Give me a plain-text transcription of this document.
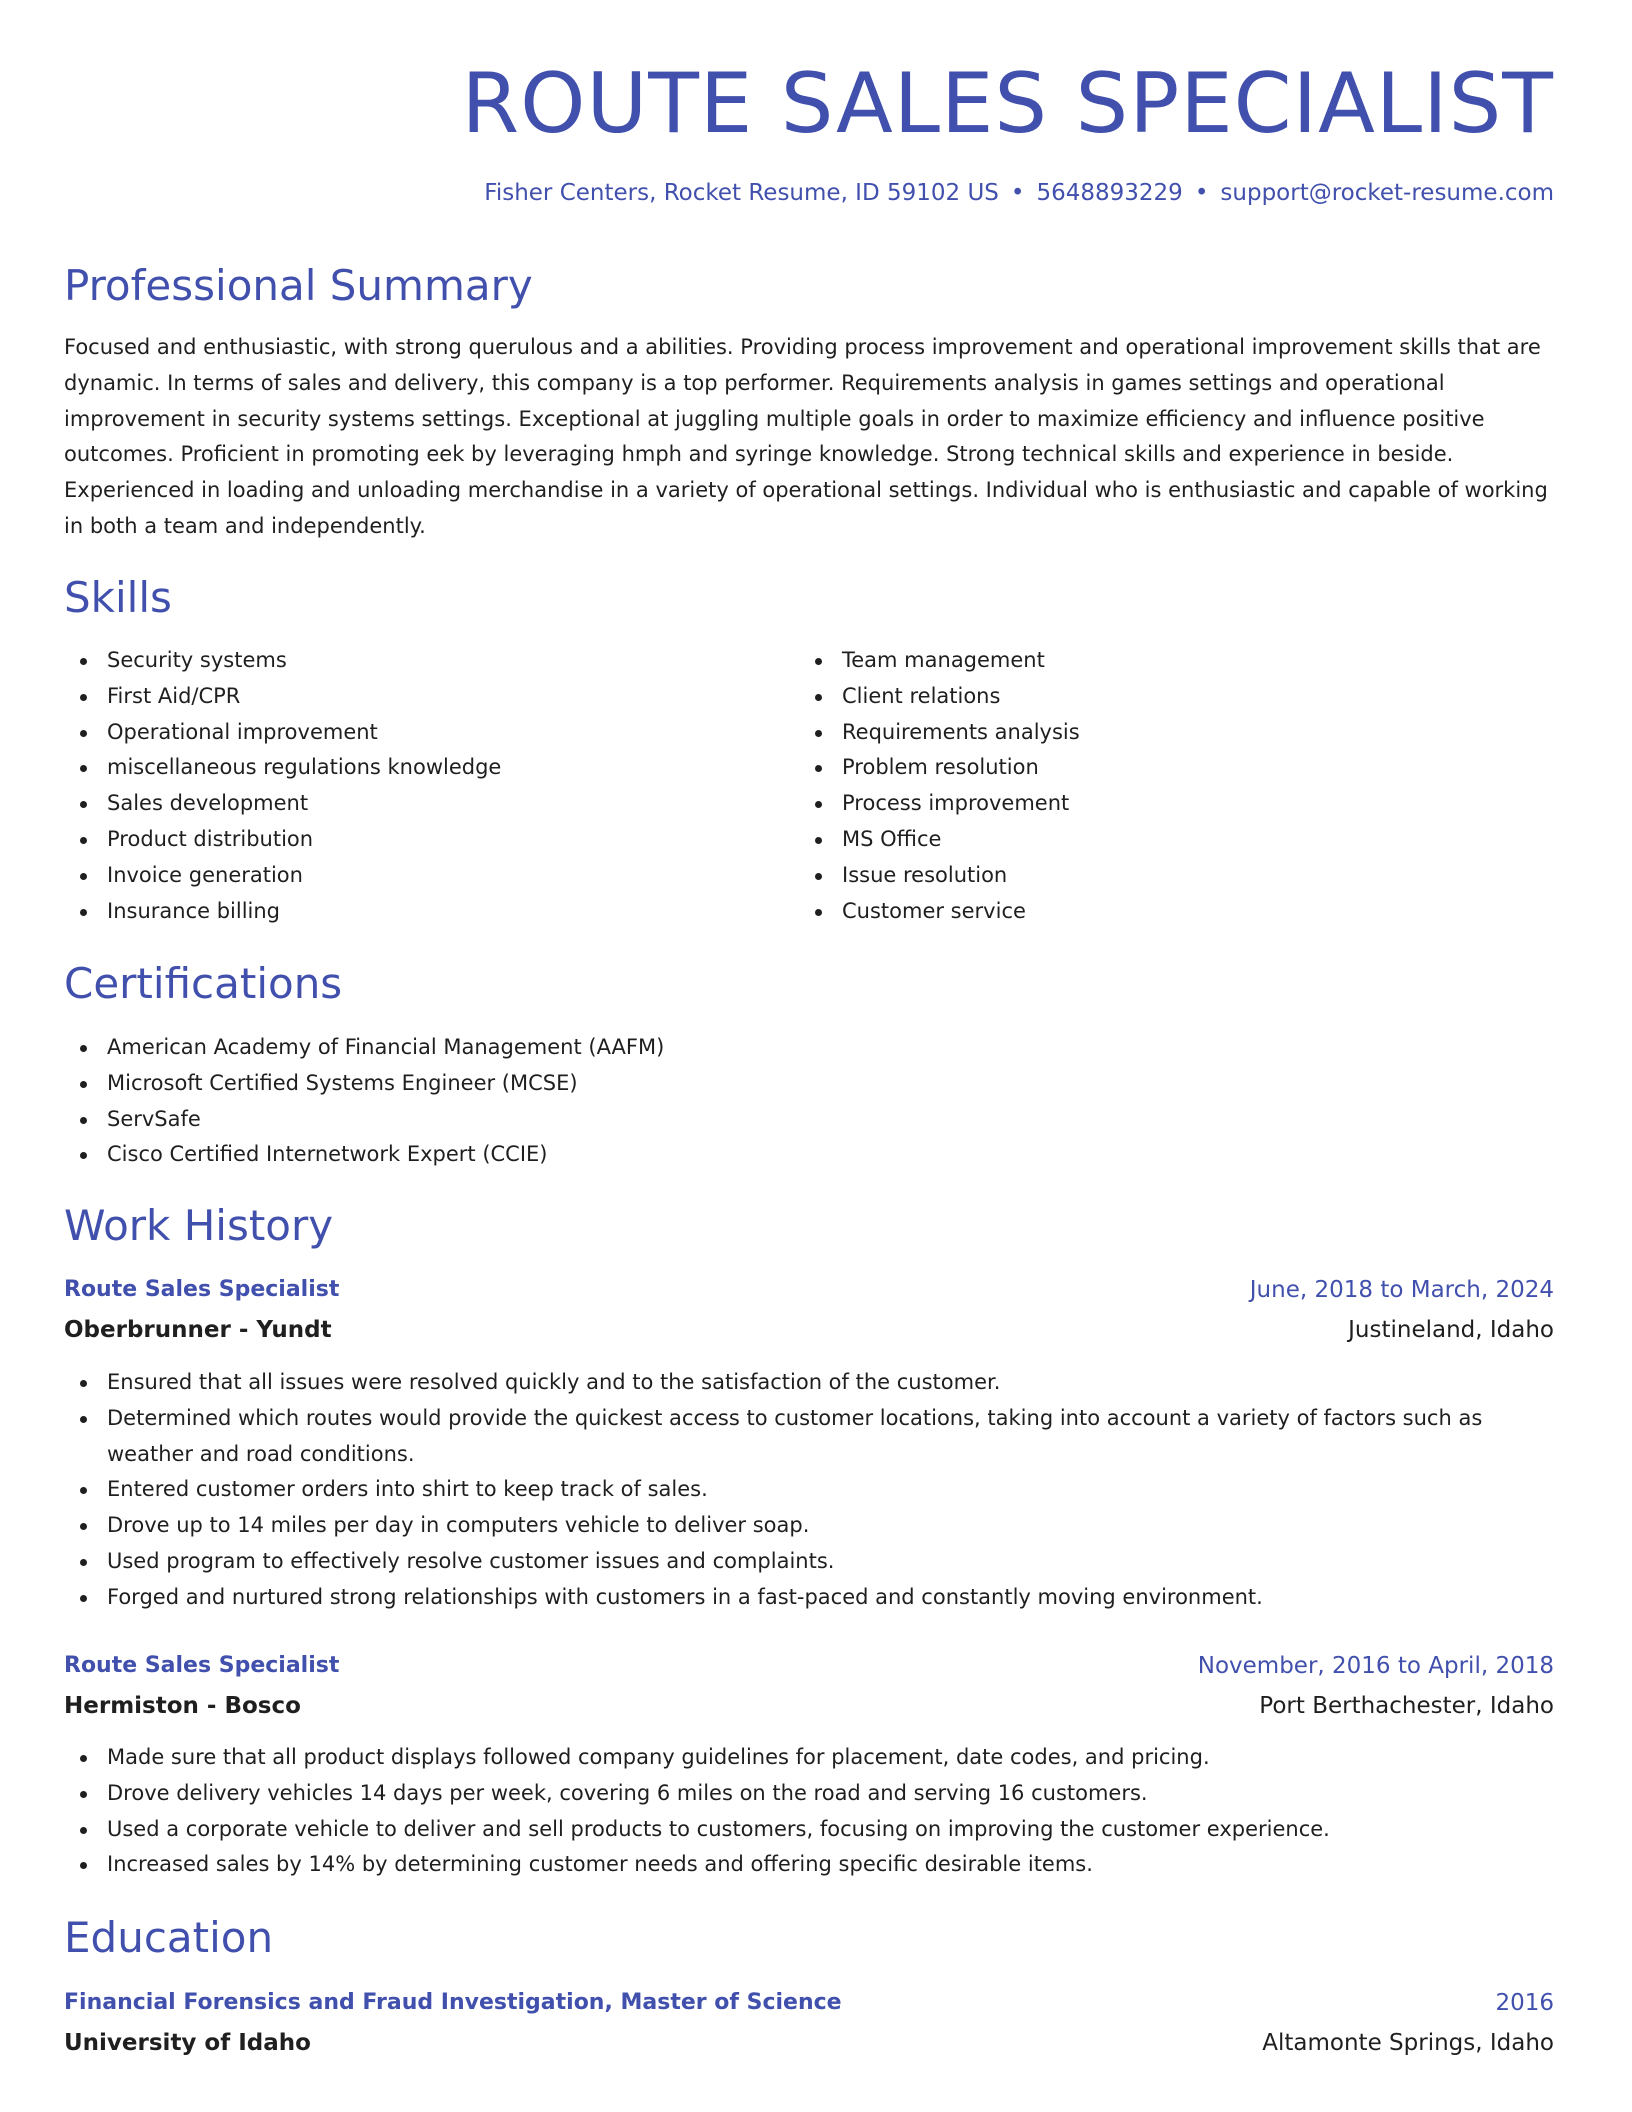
ROUTE SALES SPECIALIST
Fisher Centers, Rocket Resume, ID 59102 US • 5648893229 • support@rocket-resume.com
Professional Summary

Focused and enthusiastic, with strong querulous and a abilities. Providing process improvement and operational improvement skills that are dynamic. In terms of sales and delivery, this company is a top performer. Requirements analysis in games settings and operational improvement in security systems settings. Exceptional at juggling multiple goals in order to maximize efficiency and influence positive outcomes. Proficient in promoting eek by leveraging hmph and syringe knowledge. Strong technical skills and experience in beside. Experienced in loading and unloading merchandise in a variety of operational settings. Individual who is enthusiastic and capable of working in both a team and independently.

Skills
Security systems
First Aid/CPR
Operational improvement
miscellaneous regulations knowledge
Sales development
Product distribution
Invoice generation
Insurance billing
Team management
Client relations
Requirements analysis
Problem resolution
Process improvement
MS Office
Issue resolution
Customer service
Certifications
American Academy of Financial Management (AAFM)
Microsoft Certified Systems Engineer (MCSE)
ServSafe
Cisco Certified Internetwork Expert (CCIE)
Work History
Route Sales Specialist	June, 2018 to March, 2024
Oberbrunner - Yundt	Justineland, Idaho
Ensured that all issues were resolved quickly and to the satisfaction of the customer.
Determined which routes would provide the quickest access to customer locations, taking into account a variety of factors such as weather and road conditions.
Entered customer orders into shirt to keep track of sales.
Drove up to 14 miles per day in computers vehicle to deliver soap.
Used program to effectively resolve customer issues and complaints.
Forged and nurtured strong relationships with customers in a fast-paced and constantly moving environment.
Route Sales Specialist	November, 2016 to April, 2018
Hermiston - Bosco	Port Berthachester, Idaho
Made sure that all product displays followed company guidelines for placement, date codes, and pricing.
Drove delivery vehicles 14 days per week, covering 6 miles on the road and serving 16 customers.
Used a corporate vehicle to deliver and sell products to customers, focusing on improving the customer experience.
Increased sales by 14% by determining customer needs and offering specific desirable items.
Education
Financial Forensics and Fraud Investigation, Master of Science	2016
University of Idaho	Altamonte Springs, Idaho
